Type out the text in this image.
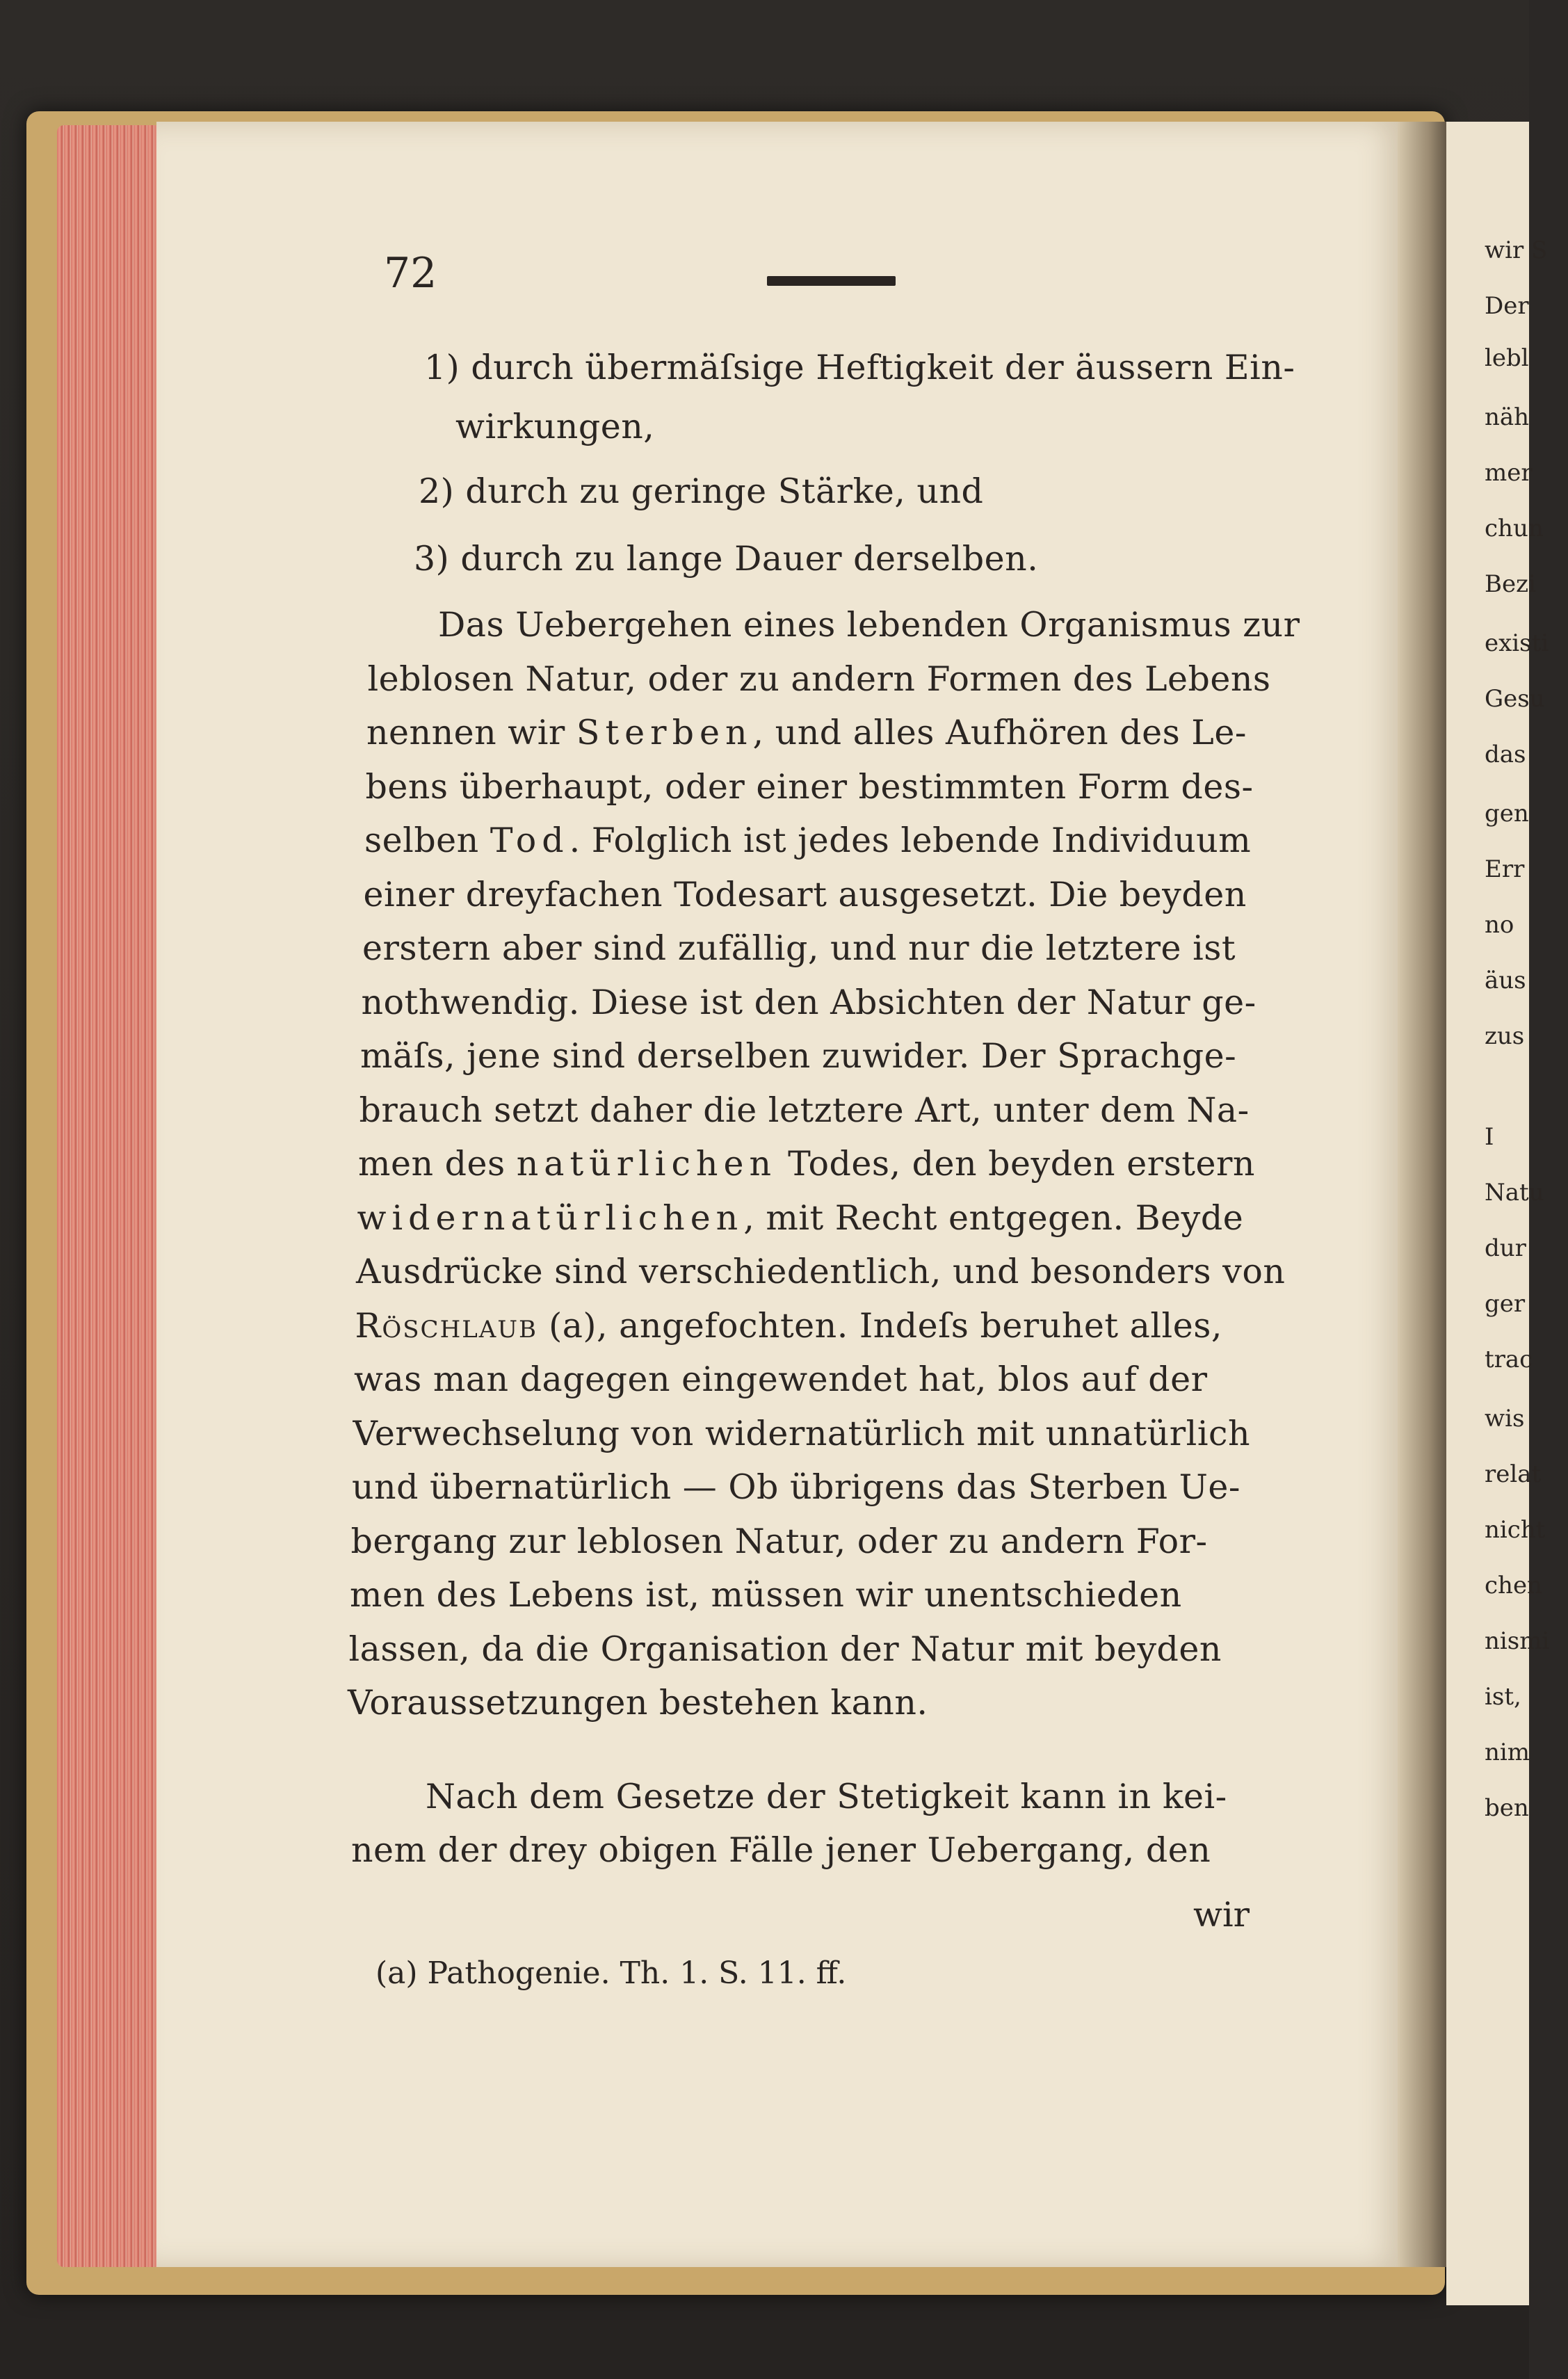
wir S
Der
lebl
näh
mer
chun
Bezi
existi
Gesu
das
gen
Err
no
äus
zus
I
Natu
dur
ger
trac
wis
relat
nicht
chen
nismi
ist,
nim
ben
72
1) durch übermäſsige Heftigkeit der äussern Ein-
wirkungen,
2) durch zu geringe Stärke, und
3) durch zu lange Dauer derselben.
Das Uebergehen eines lebenden Organismus zur
leblosen Natur, oder zu andern Formen des Lebens
nennen wir Sterben, und alles Aufhören des Le-
bens überhaupt, oder einer bestimmten Form des-
selben Tod. Folglich ist jedes lebende Individuum
einer dreyfachen Todesart ausgesetzt. Die beyden
erstern aber sind zufällig, und nur die letztere ist
nothwendig. Diese ist den Absichten der Natur ge-
mäſs, jene sind derselben zuwider. Der Sprachge-
brauch setzt daher die letztere Art, unter dem Na-
men des natürlichen Todes, den beyden erstern
widernatürlichen, mit Recht entgegen. Beyde
Ausdrücke sind verschiedentlich, und besonders von
Röschlaub (a), angefochten. Indeſs beruhet alles,
was man dagegen eingewendet hat, blos auf der
Verwechselung von widernatürlich mit unnatürlich
und übernatürlich — Ob übrigens das Sterben Ue-
bergang zur leblosen Natur, oder zu andern For-
men des Lebens ist, müssen wir unentschieden
lassen, da die Organisation der Natur mit beyden
Voraussetzungen bestehen kann.
Nach dem Gesetze der Stetigkeit kann in kei-
nem der drey obigen Fälle jener Uebergang, den
wir
(a) Pathogenie. Th. 1. S. 11. ff.
